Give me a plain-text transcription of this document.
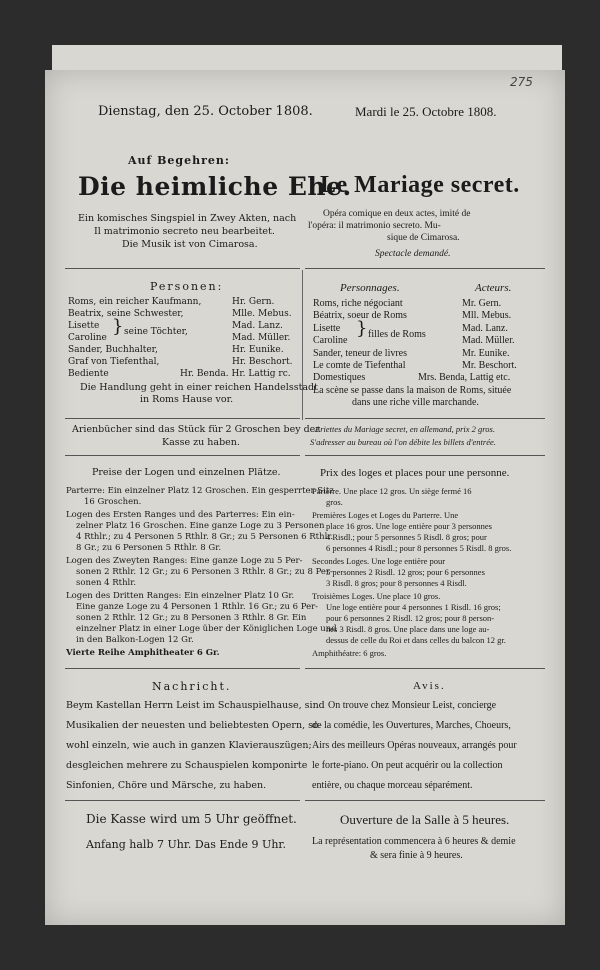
275
Dienstag, den 25. October 1808.	Mardi le 25. Octobre 1808.
Auf Begehren:
Die heimliche Ehe.
Ein komisches Singspiel in Zwey Akten, nach
Il matrimonio secreto neu bearbeitet.
Die Musik ist von Cimarosa.
Le Mariage secret.
Opéra comique en deux actes, imité de
l'opéra: il matrimonio secreto. Mu-
sique de Cimarosa.
Spectacle demandé.
Personen:
Roms, ein reicher Kaufmann,	Hr. Gern.
Beatrix, seine Schwester,	Mlle. Mebus.
Lisette	Mad. Lanz.
Caroline	Mad. Müller.
} seine Töchter,
Sander, Buchhalter,	Hr. Eunike.
Graf von Tiefenthal,	Hr. Beschort.
Bediente	Hr. Benda. Hr. Lattig rc.
Die Handlung geht in einer reichen Handelsstadt
in Roms Hause vor.
Personnages.	Acteurs.
Roms, riche négociant	Mr. Gern.
Béatrix, soeur de Roms	Mll. Mebus.
Lisette	Mad. Lanz.
Caroline	Mad. Müller.
} filles de Roms
Sander, teneur de livres	Mr. Eunike.
Le comte de Tiefenthal	Mr. Beschort.
Domestiques	Mrs. Benda, Lattig etc.
La scène se passe dans la maison de Roms, située
dans une riche ville marchande.
Arienbücher sind das Stück für 2 Groschen bey der
Kasse zu haben.
Ariettes du Mariage secret, en allemand, prix 2 gros.
S'adresser au bureau où l'on débite les billets d'entrée.
Preise der Logen und einzelnen Plätze.
Parterre: Ein einzelner Platz 12 Groschen. Ein gesperrter Sitz
16 Groschen.
Logen des Ersten Ranges und des Parterres: Ein ein-
zelner Platz 16 Groschen. Eine ganze Loge zu 3 Personen
4 Rthlr.; zu 4 Personen 5 Rthlr. 8 Gr.; zu 5 Personen 6 Rthlr.
8 Gr.; zu 6 Personen 5 Rthlr. 8 Gr.
Logen des Zweyten Ranges: Eine ganze Loge zu 5 Per-
sonen 2 Rthlr. 12 Gr.; zu 6 Personen 3 Rthlr. 8 Gr.; zu 8 Per-
sonen 4 Rthlr.
Logen des Dritten Ranges: Ein einzelner Platz 10 Gr.
Eine ganze Loge zu 4 Personen 1 Rthlr. 16 Gr.; zu 6 Per-
sonen 2 Rthlr. 12 Gr.; zu 8 Personen 3 Rthlr. 8 Gr. Ein
einzelner Platz in einer Loge über der Königlichen Loge und
in den Balkon-Logen 12 Gr.
Vierte Reihe Amphitheater 6 Gr.
Prix des loges et places pour une personne.
Parterre. Une place 12 gros. Un siège fermé 16
gros.
Premières Loges et Loges du Parterre. Une
place 16 gros. Une loge entière pour 3 personnes
4 Risdl.; pour 5 personnes 5 Risdl. 8 gros; pour
6 personnes 4 Risdl.; pour 8 personnes 5 Risdl. 8 gros.
Secondes Loges. Une loge entière pour
5 personnes 2 Risdl. 12 gros; pour 6 personnes
3 Risdl. 8 gros; pour 8 personnes 4 Risdl.
Troisièmes Loges. Une place 10 gros.
Une loge entière pour 4 personnes 1 Risdl. 16 gros;
pour 6 personnes 2 Risdl. 12 gros; pour 8 person-
nes 3 Risdl. 8 gros. Une place dans une loge au-
dessus de celle du Roi et dans celles du balcon 12 gr.
Amphithéatre: 6 gros.
Nachricht.
Beym Kastellan Herrn Leist im Schauspielhause, sind
Musikalien der neuesten und beliebtesten Opern, so-
wohl einzeln, wie auch in ganzen Klavierauszügen;
desgleichen mehrere zu Schauspielen komponirte
Sinfonien, Chöre und Märsche, zu haben.
Avis.
On trouve chez Monsieur Leist, concierge
de la comédie, les Ouvertures, Marches, Choeurs,
Airs des meilleurs Opéras nouveaux, arrangés pour
le forte-piano. On peut acquérir ou la collection
entière, ou chaque morceau séparément.
Die Kasse wird um 5 Uhr geöffnet.
Anfang halb 7 Uhr. Das Ende 9 Uhr.
Ouverture de la Salle à 5 heures.
La représentation commencera à 6 heures & demie
& sera finie à 9 heures.
